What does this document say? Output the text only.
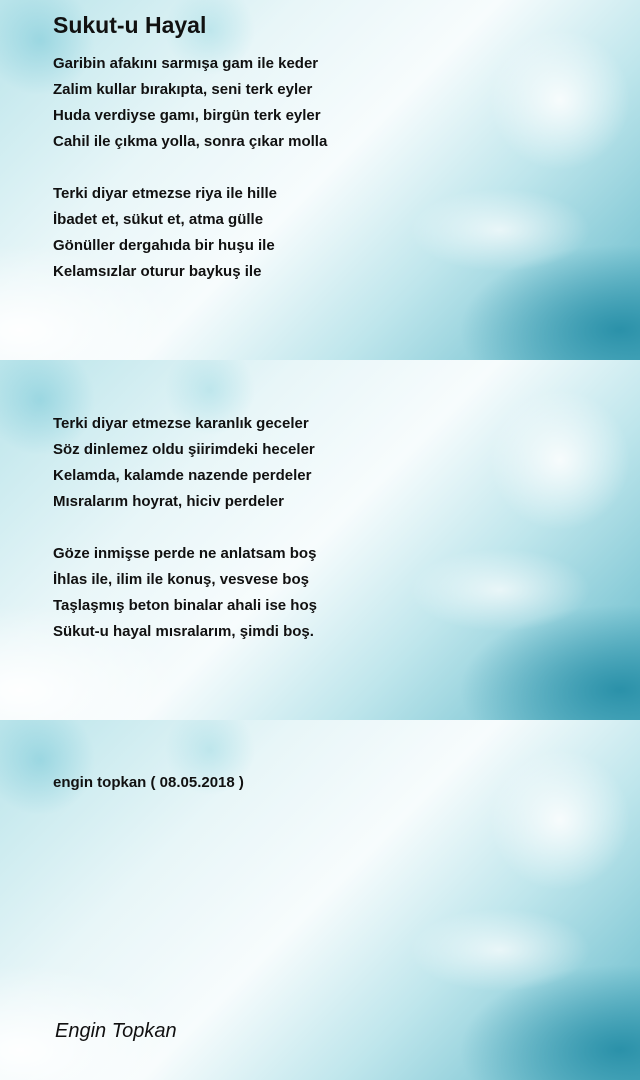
Sukut-u Hayal
Garibin afakını sarmışa gam ile keder
Zalim kullar bırakıpta, seni terk eyler
Huda verdiyse gamı, birgün terk eyler
Cahil ile çıkma yolla, sonra çıkar molla
Terki diyar etmezse riya ile hille
İbadet et, sükut et, atma gülle
Gönüller dergahıda bir huşu ile
Kelamsızlar oturur baykuş ile
Terki diyar etmezse karanlık geceler
Söz dinlemez oldu şiirimdeki heceler
Kelamda, kalamde nazende perdeler
Mısralarım hoyrat, hiciv perdeler
Göze inmişse perde ne anlatsam boş
İhlas ile, ilim ile konuş, vesvese boş
Taşlaşmış beton binalar ahali ise hoş
Sükut-u hayal mısralarım, şimdi boş.
engin topkan ( 08.05.2018 )
Engin Topkan
